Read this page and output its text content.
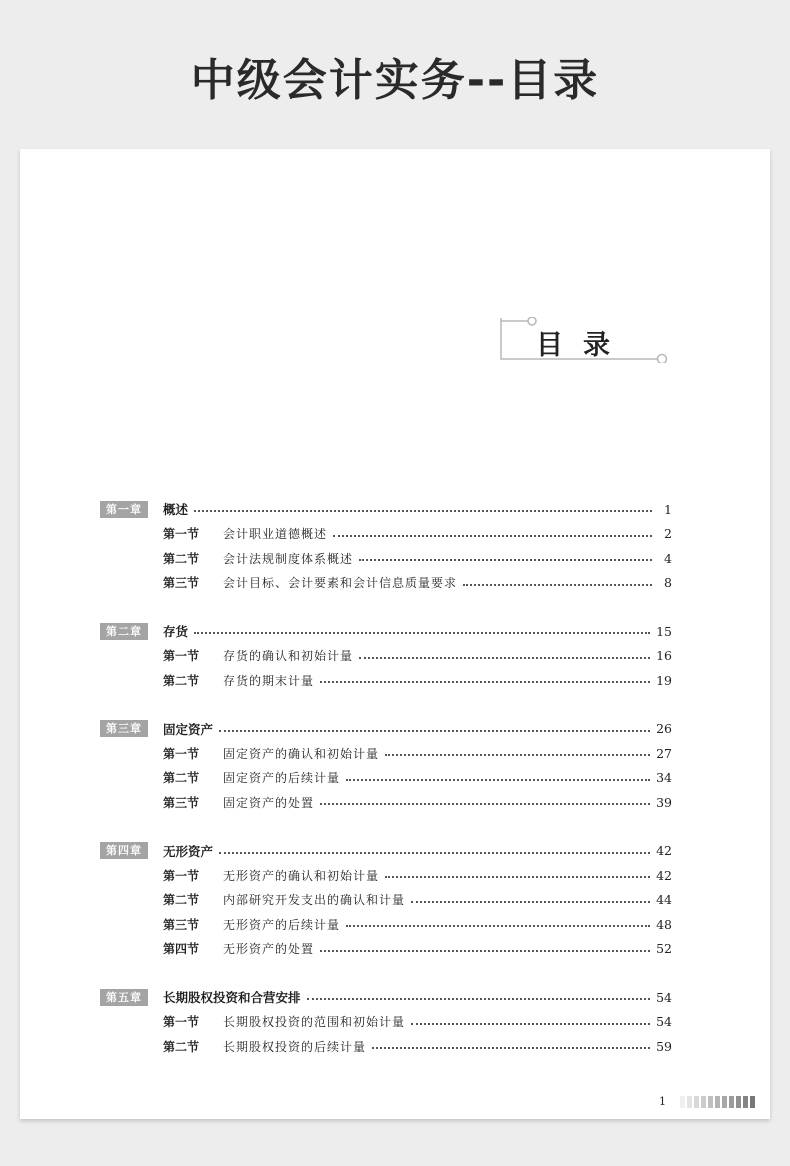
中级会计实务--目录
目录
第一章	概述	1
第一节	会计职业道德概述	2
第二节	会计法规制度体系概述	4
第三节	会计目标、会计要素和会计信息质量要求	8
第二章	存货	15
第一节	存货的确认和初始计量	16
第二节	存货的期末计量	19
第三章	固定资产	26
第一节	固定资产的确认和初始计量	27
第二节	固定资产的后续计量	34
第三节	固定资产的处置	39
第四章	无形资产	42
第一节	无形资产的确认和初始计量	42
第二节	内部研究开发支出的确认和计量	44
第三节	无形资产的后续计量	48
第四节	无形资产的处置	52
第五章	长期股权投资和合营安排	54
第一节	长期股权投资的范围和初始计量	54
第二节	长期股权投资的后续计量	59
1
